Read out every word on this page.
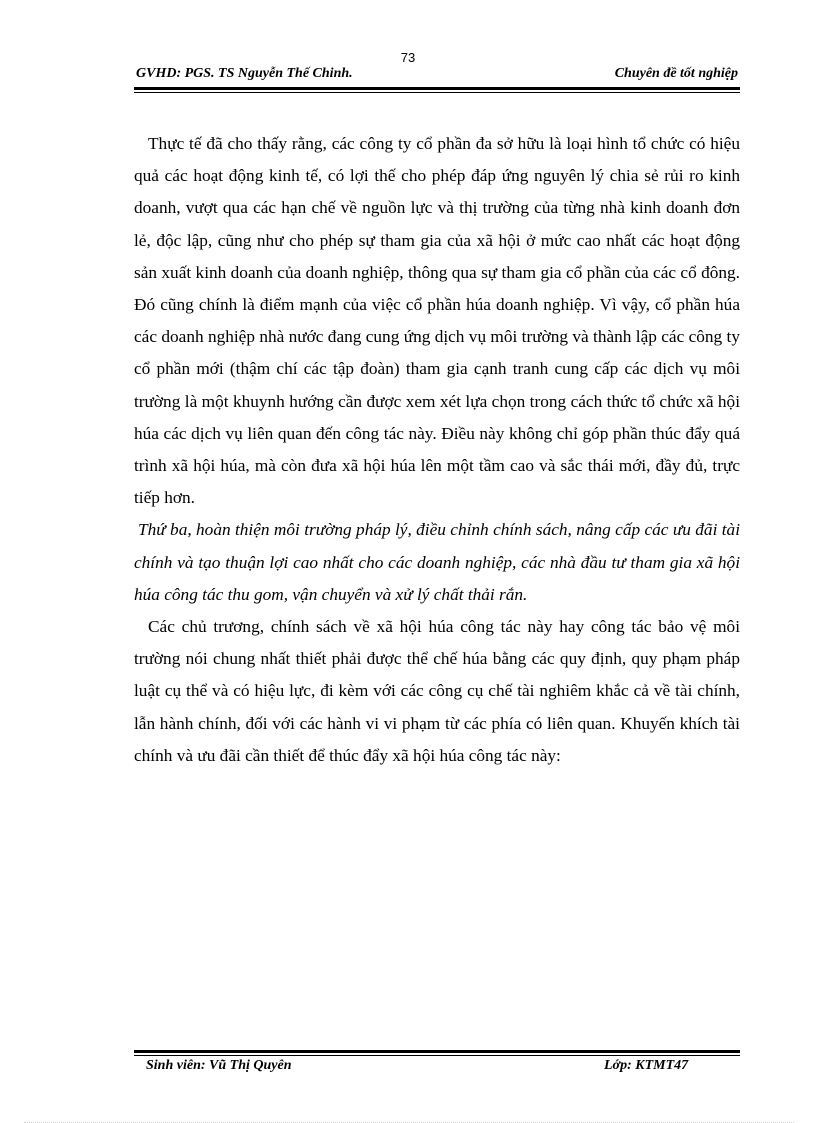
73
GVHD: PGS. TS Nguyễn Thế Chinh.	Chuyên đề tốt nghiệp

Thực tế đã cho thấy rằng, các công ty cổ phần đa sở hữu là loại hình tổ chức có hiệu quả các hoạt động kinh tế, có lợi thế cho phép đáp ứng nguyên lý chia sẻ rủi ro kinh doanh, vượt qua các hạn chế về nguồn lực và thị trường của từng nhà kinh doanh đơn lẻ, độc lập, cũng như cho phép sự tham gia của xã hội ở mức cao nhất các hoạt động sản xuất kinh doanh của doanh nghiệp, thông qua sự tham gia cổ phần của các cổ đông. Đó cũng chính là điểm mạnh của việc cổ phần húa doanh nghiệp. Vì vậy, cổ phần húa các doanh nghiệp nhà nước đang cung ứng dịch vụ môi trường và thành lập các công ty cổ phần mới (thậm chí các tập đoàn) tham gia cạnh tranh cung cấp các dịch vụ môi trường là một khuynh hướng cần được xem xét lựa chọn trong cách thức tổ chức xã hội húa các dịch vụ liên quan đến công tác này. Điều này không chỉ góp phần thúc đẩy quá trình xã hội húa, mà còn đưa xã hội húa lên một tầm cao và sắc thái mới, đầy đủ, trực tiếp hơn.

Thứ ba, hoàn thiện môi trường pháp lý, điều chỉnh chính sách, nâng cấp các ưu đãi tài chính và tạo thuận lợi cao nhất cho các doanh nghiệp, các nhà đầu tư tham gia xã hội húa công tác thu gom, vận chuyển và xử lý chất thải rắn.

Các chủ trương, chính sách về xã hội húa công tác này hay công tác bảo vệ môi trường nói chung nhất thiết phải được thể chế húa bằng các quy định, quy phạm pháp luật cụ thể và có hiệu lực, đi kèm với các công cụ chế tài nghiêm khắc cả về tài chính, lẫn hành chính, đối với các hành vi vi phạm từ các phía có liên quan. Khuyến khích tài chính và ưu đãi cần thiết để thúc đẩy xã hội húa công tác này:

Sinh viên: Vũ Thị Quyên	Lớp: KTMT47
